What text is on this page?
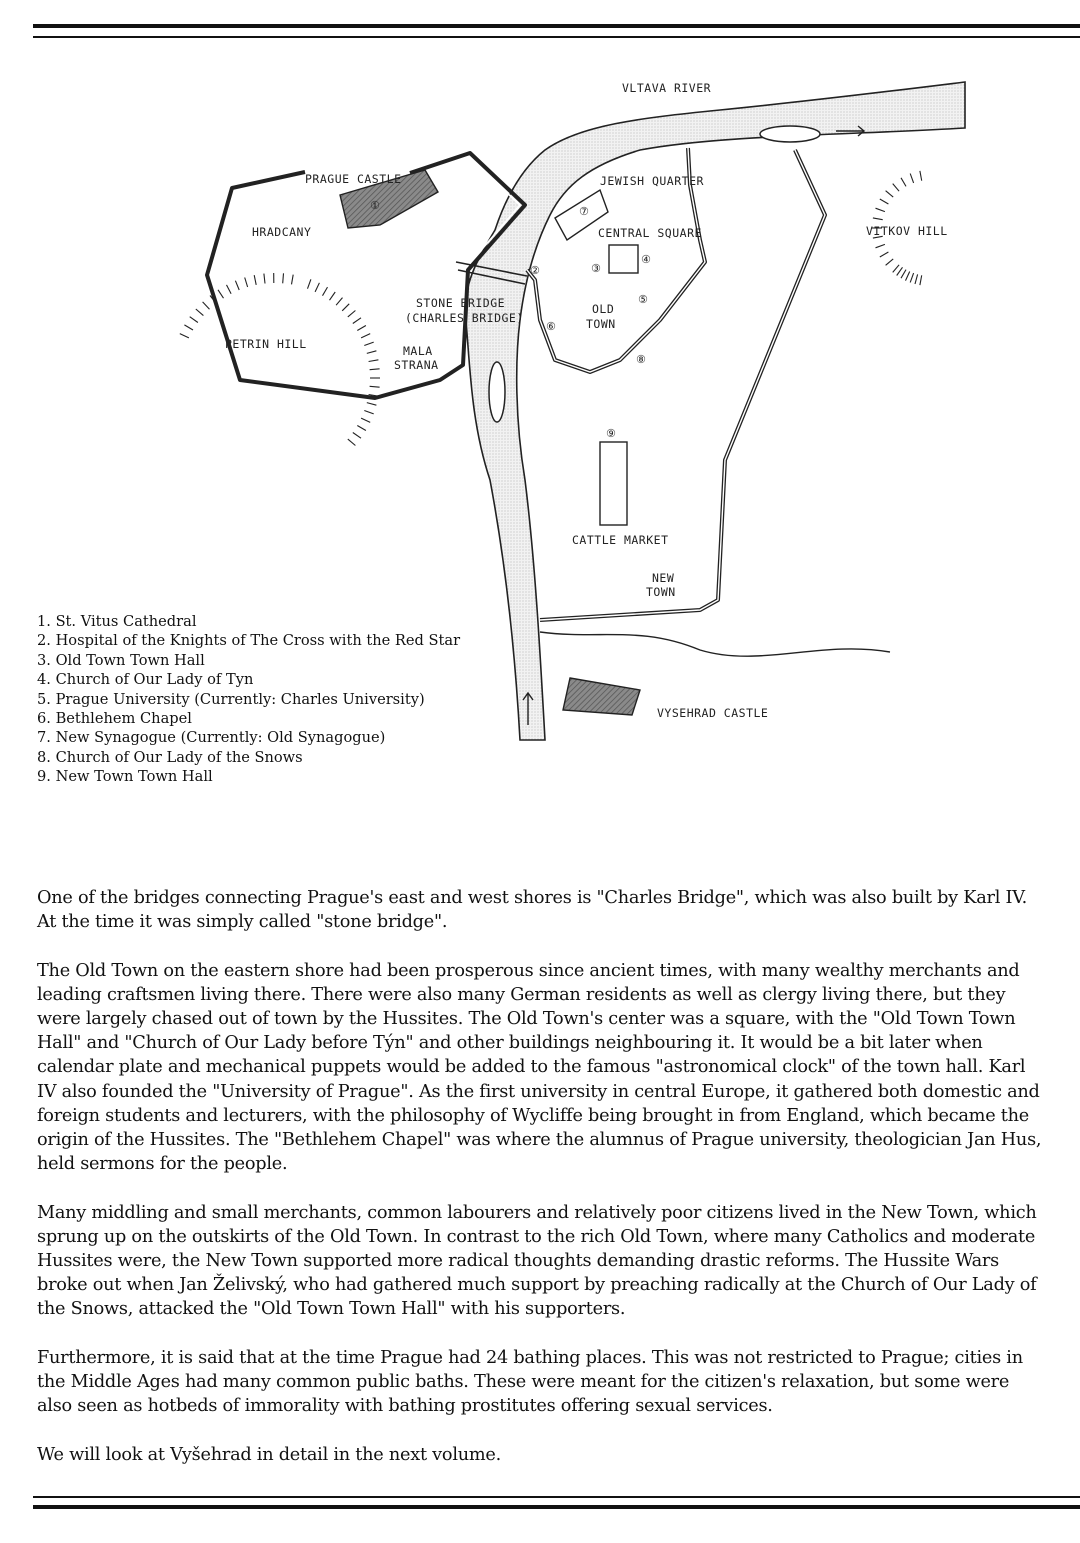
VLTAVA RIVER
PRAGUE CASTLE
HRADCANY
JEWISH QUARTER
CENTRAL SQUARE	VITKOV HILL
STONE BRIDGE
(CHARLES BRIDGE)
OLD
TOWN
PETRIN HILL	MALA
STRANA
CATTLE MARKET
NEW
TOWN
VYSEHRAD CASTLE
①
②	③
④
⑤
⑥
⑦
⑧
⑨
1. St. Vitus Cathedral
2. Hospital of the Knights of The Cross with the Red Star
3. Old Town Town Hall
4. Church of Our Lady of Tyn
5. Prague University (Currently: Charles University)
6. Bethlehem Chapel
7. New Synagogue (Currently: Old Synagogue)
8. Church of Our Lady of the Snows
9. New Town Town Hall

One of the bridges connecting Prague's east and west shores is "Charles Bridge", which was also built by Karl IV. At the time it was simply called "stone bridge".

The Old Town on the eastern shore had been prosperous since ancient times, with many wealthy merchants and leading craftsmen living there. There were also many German residents as well as clergy living there, but they were largely chased out of town by the Hussites. The Old Town's center was a square, with the "Old Town Town Hall" and "Church of Our Lady before Týn" and other buildings neighbouring it. It would be a bit later when calendar plate and mechanical puppets would be added to the famous "astronomical clock" of the town hall. Karl IV also founded the "University of Prague". As the first university in central Europe, it gathered both domestic and foreign students and lecturers, with the philosophy of Wycliffe being brought in from England, which became the origin of the Hussites. The "Bethlehem Chapel" was where the alumnus of Prague university, theologician Jan Hus, held sermons for the people.

Many middling and small merchants, common labourers and relatively poor citizens lived in the New Town, which sprung up on the outskirts of the Old Town. In contrast to the rich Old Town, where many Catholics and moderate Hussites were, the New Town supported more radical thoughts demanding drastic reforms. The Hussite Wars broke out when Jan Želivský, who had gathered much support by preaching radically at the Church of Our Lady of the Snows, attacked the "Old Town Town Hall" with his supporters.

Furthermore, it is said that at the time Prague had 24 bathing places. This was not restricted to Prague; cities in the Middle Ages had many common public baths. These were meant for the citizen's relaxation, but some were also seen as hotbeds of immorality with bathing prostitutes offering sexual services.

We will look at Vyšehrad in detail in the next volume.
